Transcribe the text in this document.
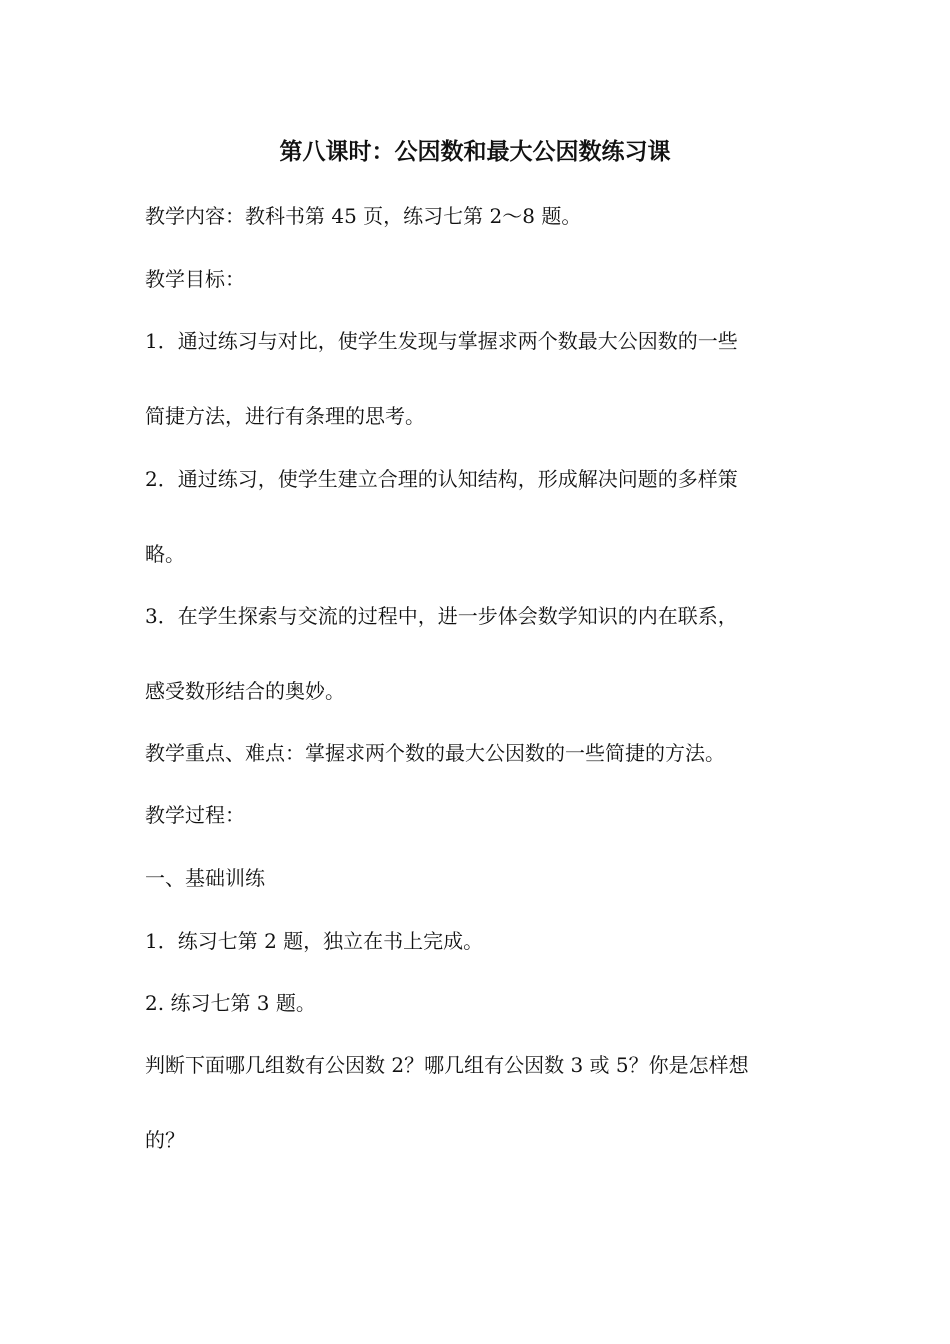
第八课时：公因数和最大公因数练习课
教学内容：教科书第 45 页，练习七第 2～8 题。
教学目标：
1．通过练习与对比，使学生发现与掌握求两个数最大公因数的一些
简捷方法，进行有条理的思考。
2．通过练习，使学生建立合理的认知结构，形成解决问题的多样策
略。
3．在学生探索与交流的过程中，进一步体会数学知识的内在联系，
感受数形结合的奥妙。
教学重点、难点：掌握求两个数的最大公因数的一些简捷的方法。
教学过程：
一、基础训练
1．练习七第 2 题，独立在书上完成。
2. 练习七第 3 题。
判断下面哪几组数有公因数 2？哪几组有公因数 3 或 5？你是怎样想
的？
